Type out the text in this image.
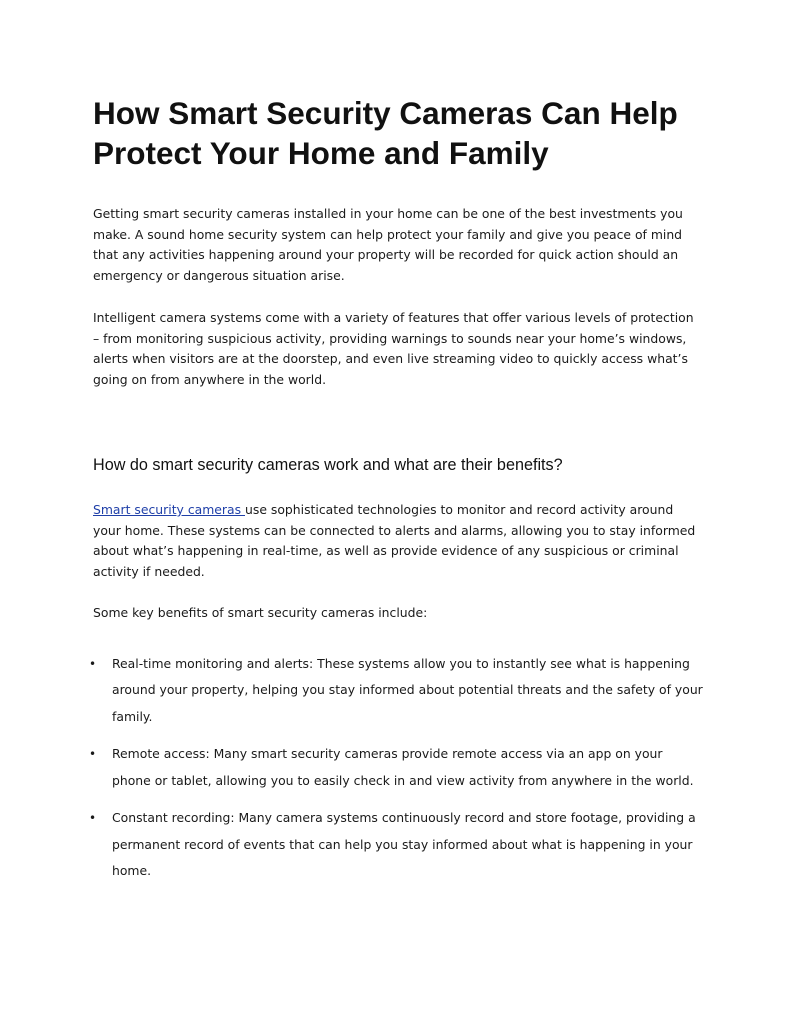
How Smart Security Cameras Can Help Protect Your Home and Family

Getting smart security cameras installed in your home can be one of the best investments you make. A sound home security system can help protect your family and give you peace of mind that any activities happening around your property will be recorded for quick action should an emergency or dangerous situation arise.

Intelligent camera systems come with a variety of features that offer various levels of protection – from monitoring suspicious activity, providing warnings to sounds near your home’s windows, alerts when visitors are at the doorstep, and even live streaming video to quickly access what’s going on from anywhere in the world.

How do smart security cameras work and what are their benefits?

Smart security cameras use sophisticated technologies to monitor and record activity around your home. These systems can be connected to alerts and alarms, allowing you to stay informed about what’s happening in real-time, as well as provide evidence of any suspicious or criminal activity if needed.

Some key benefits of smart security cameras include:

• Real-time monitoring and alerts: These systems allow you to instantly see what is happening around your property, helping you stay informed about potential threats and the safety of your family.
• Remote access: Many smart security cameras provide remote access via an app on your phone or tablet, allowing you to easily check in and view activity from anywhere in the world.
• Constant recording: Many camera systems continuously record and store footage, providing a permanent record of events that can help you stay informed about what is happening in your home.
